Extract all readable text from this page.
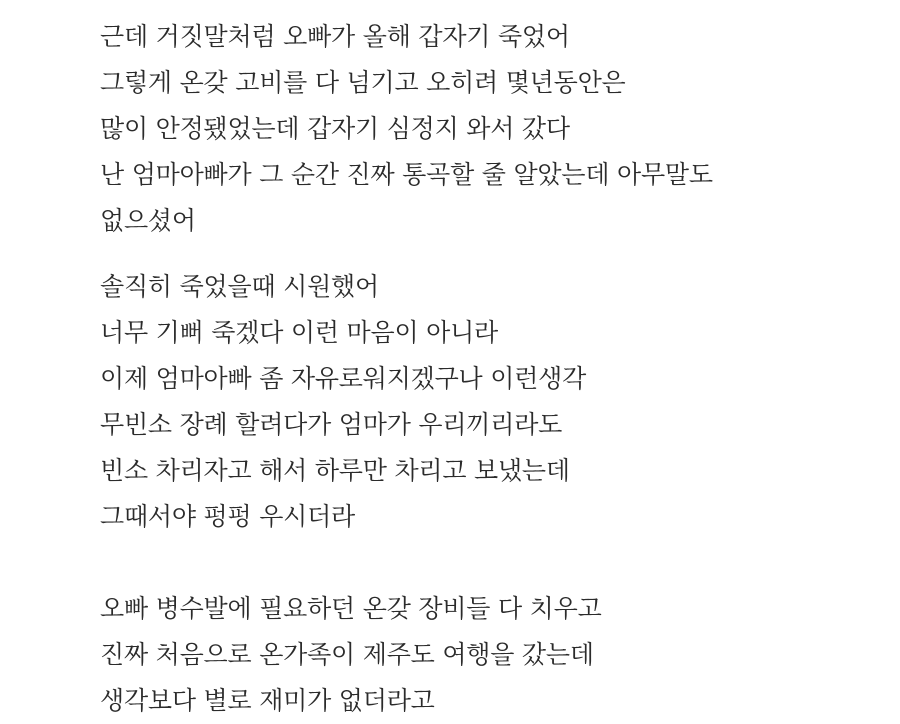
근데 거짓말처럼 오빠가 올해 갑자기 죽었어
그렇게 온갖 고비를 다 넘기고 오히려 몇년동안은
많이 안정됐었는데 갑자기 심정지 와서 갔다
난 엄마아빠가 그 순간 진짜 통곡할 줄 알았는데 아무말도
없으셨어
솔직히 죽었을때 시원했어
너무 기뻐 죽겠다 이런 마음이 아니라
이제 엄마아빠 좀 자유로워지겠구나 이런생각
무빈소 장례 할려다가 엄마가 우리끼리라도
빈소 차리자고 해서 하루만 차리고 보냈는데
그때서야 펑펑 우시더라
오빠 병수발에 필요하던 온갖 장비들 다 치우고
진짜 처음으로 온가족이 제주도 여행을 갔는데
생각보다 별로 재미가 없더라고
